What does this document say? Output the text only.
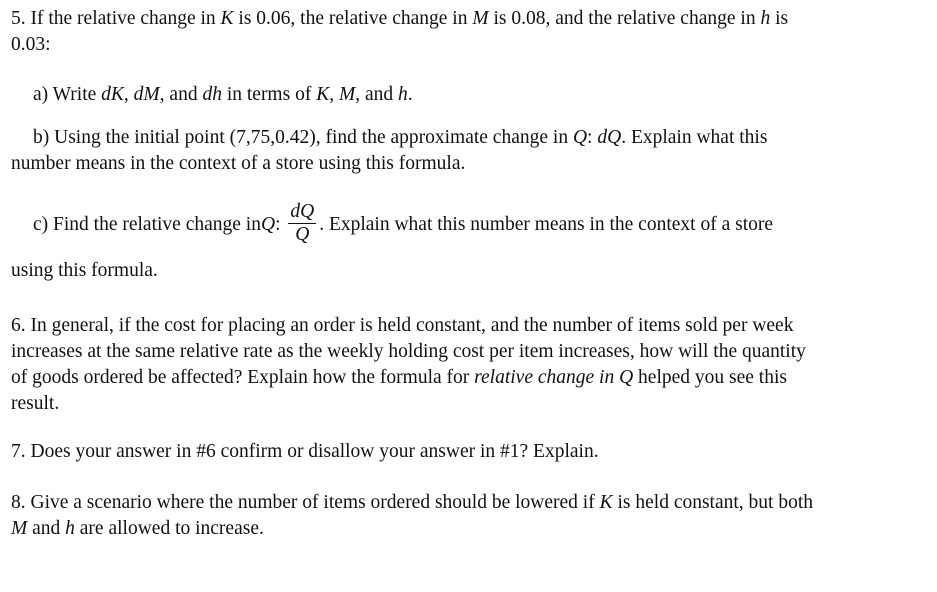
5. If the relative change in K is 0.06, the relative change in M is 0.08, and the relative change in h is
0.03:

a) Write dK, dM, and dh in terms of K, M, and h.

b) Using the initial point (7,75,0.42), find the approximate change in Q: dQ. Explain what this
number means in the context of a store using this formula.

c) Find the relative change in Q :
$\frac{dQ}{Q}$ . Explain what this number means in the context of a store

using this formula.

6. In general, if the cost for placing an order is held constant, and the number of items sold per week
increases at the same relative rate as the weekly holding cost per item increases, how will the quantity
of goods ordered be affected? Explain how the formula for relative change in Q helped you see this
result.

7. Does your answer in #6 confirm or disallow your answer in #1? Explain.

8. Give a scenario where the number of items ordered should be lowered if K is held constant, but both
M and h are allowed to increase.
